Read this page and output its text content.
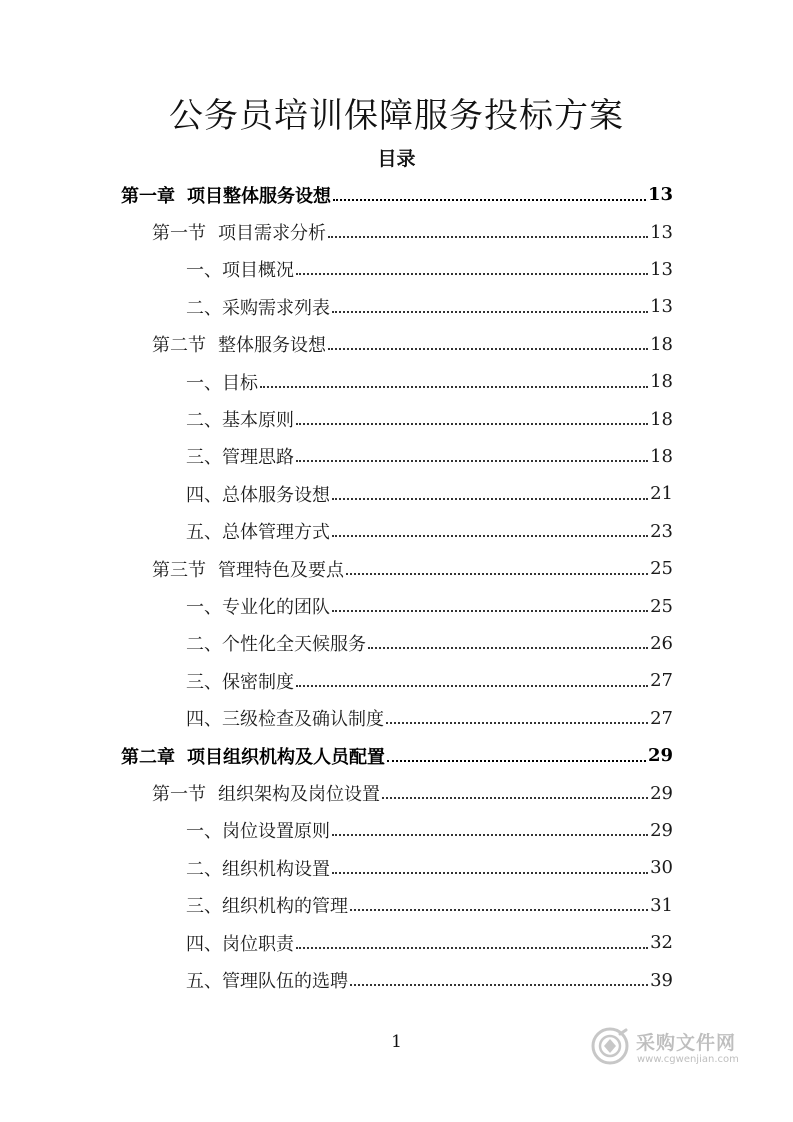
公务员培训保障服务投标方案
目录
第一章 项目整体服务设想	13
第一节 项目需求分析	13
一、项目概况	13
二、采购需求列表	13
第二节 整体服务设想	18
一、目标	18
二、基本原则	18
三、管理思路	18
四、总体服务设想	21
五、总体管理方式	23
第三节 管理特色及要点	25
一、专业化的团队	25
二、个性化全天候服务	26
三、保密制度	27
四、三级检查及确认制度	27
第二章 项目组织机构及人员配置	29
第一节 组织架构及岗位设置	29
一、岗位设置原则	29
二、组织机构设置	30
三、组织机构的管理	31
四、岗位职责	32
五、管理队伍的选聘	39
1	采购文件网
www.cgwenjian.com
